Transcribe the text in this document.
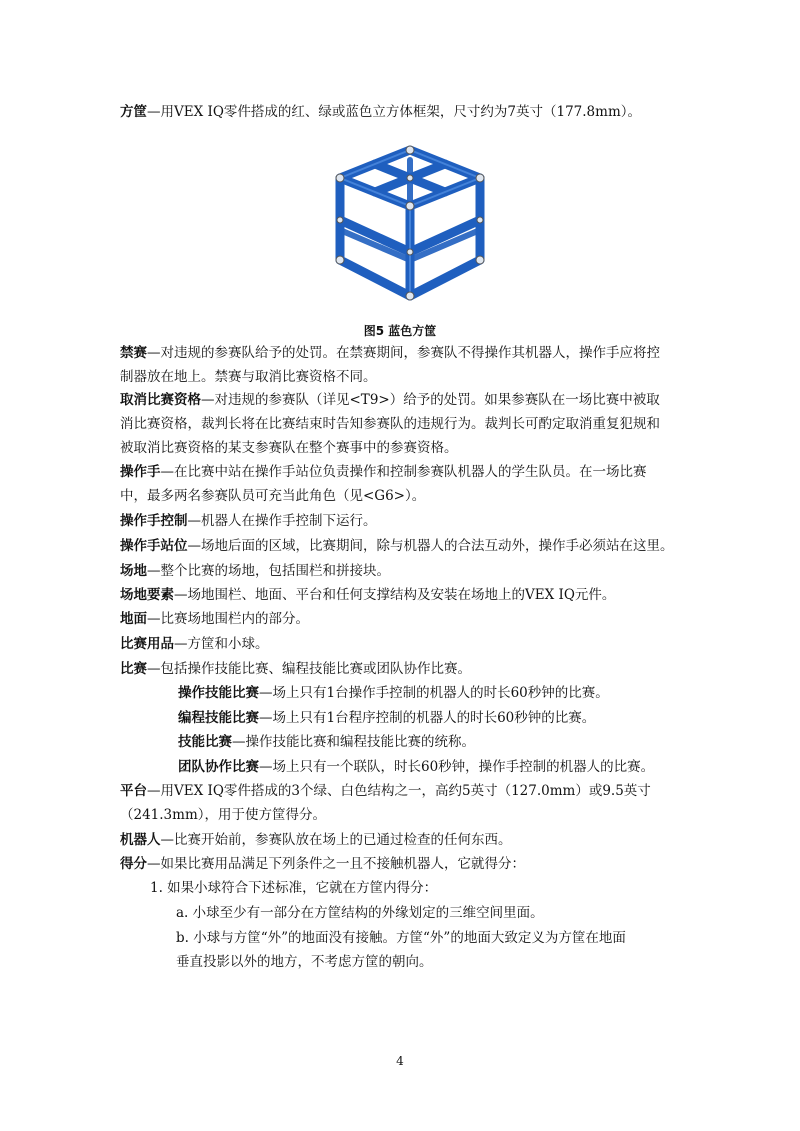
方筐—用VEX IQ零件搭成的红、绿或蓝色立方体框架，尺寸约为7英寸（177.8mm）。
图5 蓝色方筐
禁赛—对违规的参赛队给予的处罚。在禁赛期间，参赛队不得操作其机器人，操作手应将控
制器放在地上。禁赛与取消比赛资格不同。
取消比赛资格—对违规的参赛队（详见<T9>）给予的处罚。如果参赛队在一场比赛中被取
消比赛资格，裁判长将在比赛结束时告知参赛队的违规行为。裁判长可酌定取消重复犯规和
被取消比赛资格的某支参赛队在整个赛事中的参赛资格。
操作手—在比赛中站在操作手站位负责操作和控制参赛队机器人的学生队员。在一场比赛
中，最多两名参赛队员可充当此角色（见<G6>）。
操作手控制—机器人在操作手控制下运行。
操作手站位—场地后面的区域，比赛期间，除与机器人的合法互动外，操作手必须站在这里。
场地—整个比赛的场地，包括围栏和拼接块。
场地要素—场地围栏、地面、平台和任何支撑结构及安装在场地上的VEX IQ元件。
地面—比赛场地围栏内的部分。
比赛用品—方筐和小球。
比赛—包括操作技能比赛、编程技能比赛或团队协作比赛。
操作技能比赛—场上只有1台操作手控制的机器人的时长60秒钟的比赛。
编程技能比赛—场上只有1台程序控制的机器人的时长60秒钟的比赛。
技能比赛—操作技能比赛和编程技能比赛的统称。
团队协作比赛—场上只有一个联队，时长60秒钟，操作手控制的机器人的比赛。
平台—用VEX IQ零件搭成的3个绿、白色结构之一，高约5英寸（127.0mm）或9.5英寸
（241.3mm），用于使方筐得分。
机器人—比赛开始前，参赛队放在场上的已通过检查的任何东西。
得分—如果比赛用品满足下列条件之一且不接触机器人，它就得分：
1. 如果小球符合下述标准，它就在方筐内得分：
a. 小球至少有一部分在方筐结构的外缘划定的三维空间里面。
b. 小球与方筐“外”的地面没有接触。方筐“外”的地面大致定义为方筐在地面
垂直投影以外的地方，不考虑方筐的朝向。
4
